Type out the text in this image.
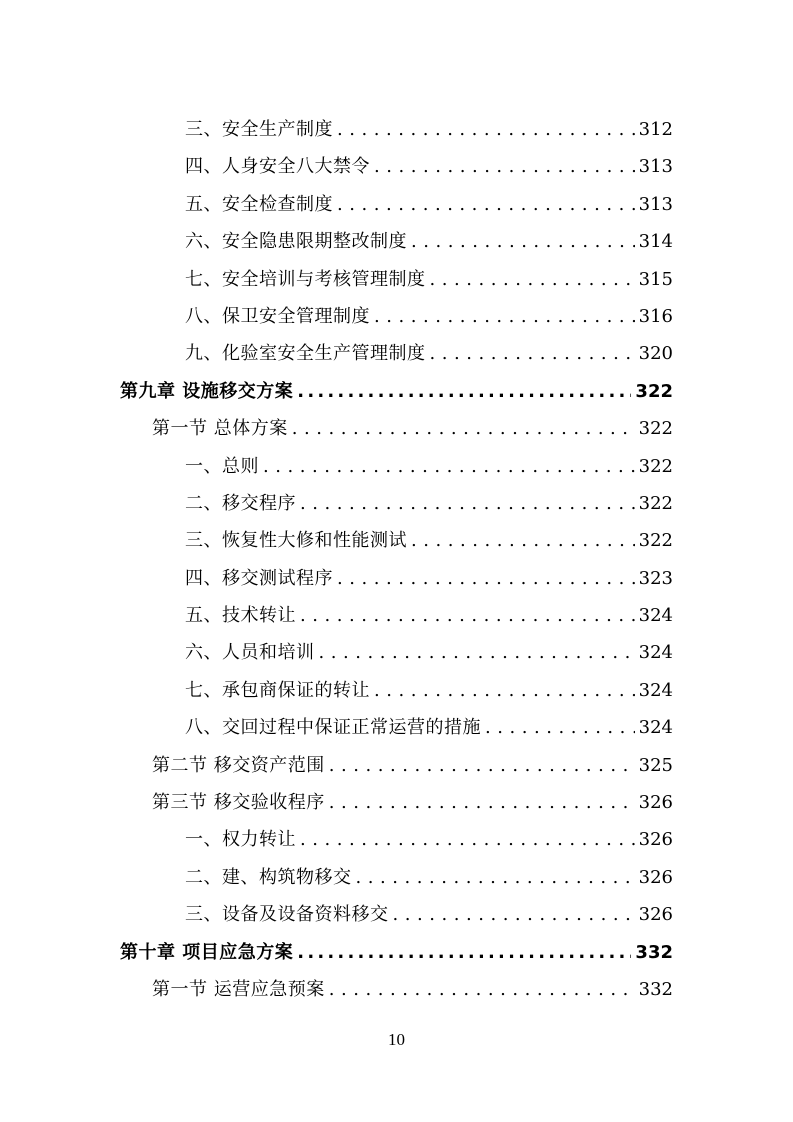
三、安全生产制度 . . .	312
四、人身安全八大禁令 . . .	313
五、安全检查制度 . . .	313
六、安全隐患限期整改制度 . . .	314
七、安全培训与考核管理制度 . . .	315
八、保卫安全管理制度 . . .	316
九、化验室安全生产管理制度 . . .	320
第九章 设施移交方案 .....	322
第一节 总体方案 . . .	322
一、总则 . . .	322
二、移交程序 . . .	322
三、恢复性大修和性能测试 . . .	322
四、移交测试程序 . . .	323
五、技术转让 . . .	324
六、人员和培训 . . .	324
七、承包商保证的转让 . . .	324
八、交回过程中保证正常运营的措施 . . .	324
第二节 移交资产范围 . . .	325
第三节 移交验收程序 . . .	326
一、权力转让 . . .	326
二、建、构筑物移交 . . .	326
三、设备及设备资料移交 . . .	326
第十章 项目应急方案 .....	332
第一节 运营应急预案 . . .	332
10
